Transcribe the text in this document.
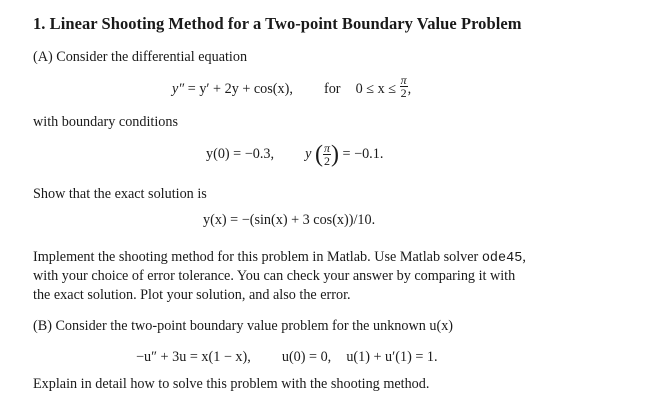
1. Linear Shooting Method for a Two-point Boundary Value Problem
(A) Consider the differential equation
y″ = y′ + 2y + cos(x), for $0 \le x \le \frac{\pi}{2}$ ,
with boundary conditions
y(0) = −0.3, y ( $\frac{\pi}{2}$ ) = −0.1.
Show that the exact solution is
y(x) = −(sin(x) + 3 cos(x))/10.
Implement the shooting method for this problem in Matlab. Use Matlab solver ode45,
with your choice of error tolerance. You can check your answer by comparing it with
the exact solution. Plot your solution, and also the error.
(B) Consider the two-point boundary value problem for the unknown u(x)
−u″ + 3u = x(1 − x), u(0) = 0, u(1) + u′(1) = 1.
Explain in detail how to solve this problem with the shooting method.
